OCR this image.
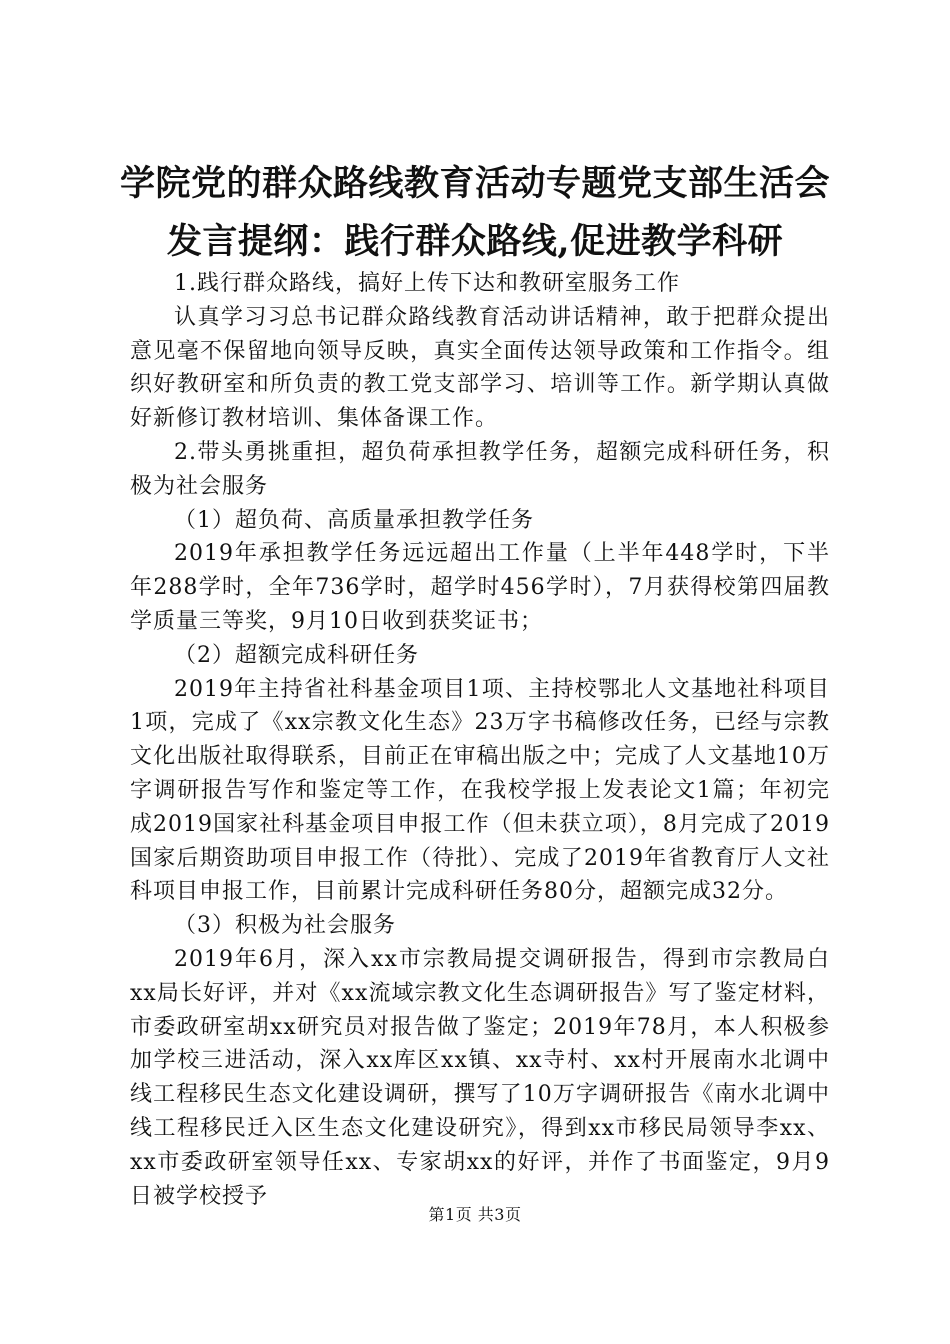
学院党的群众路线教育活动专题党支部生活会
发言提纲：践行群众路线,促进教学科研

1.践行群众路线，搞好上传下达和教研室服务工作

认真学习习总书记群众路线教育活动讲话精神，敢于把群众提出意见毫不保留地向领导反映，真实全面传达领导政策和工作指令。组织好教研室和所负责的教工党支部学习、培训等工作。新学期认真做好新修订教材培训、集体备课工作。

2.带头勇挑重担，超负荷承担教学任务，超额完成科研任务，积极为社会服务

（1）超负荷、高质量承担教学任务

2019年承担教学任务远远超出工作量（上半年448学时，下半年288学时，全年736学时，超学时456学时），7月获得校第四届教学质量三等奖，9月10日收到获奖证书；

（2）超额完成科研任务

2019年主持省社科基金项目1项、主持校鄂北人文基地社科项目1项，完成了《xx宗教文化生态》23万字书稿修改任务，已经与宗教文化出版社取得联系，目前正在审稿出版之中；完成了人文基地10万字调研报告写作和鉴定等工作，在我校学报上发表论文1篇；年初完成2019国家社科基金项目申报工作（但未获立项），8月完成了2019国家后期资助项目申报工作（待批）、完成了2019年省教育厅人文社科项目申报工作，目前累计完成科研任务80分，超额完成32分。

（3）积极为社会服务

2019年6月，深入xx市宗教局提交调研报告，得到市宗教局白xx局长好评，并对《xx流域宗教文化生态调研报告》写了鉴定材料，市委政研室胡xx研究员对报告做了鉴定；2019年78月，本人积极参加学校三进活动，深入xx库区xx镇、xx寺村、xx村开展南水北调中线工程移民生态文化建设调研，撰写了10万字调研报告《南水北调中线工程移民迁入区生态文化建设研究》，得到xx市移民局领导李xx、xx市委政研室领导任xx、专家胡xx的好评，并作了书面鉴定，9月9日被学校授予

第1页 共3页
